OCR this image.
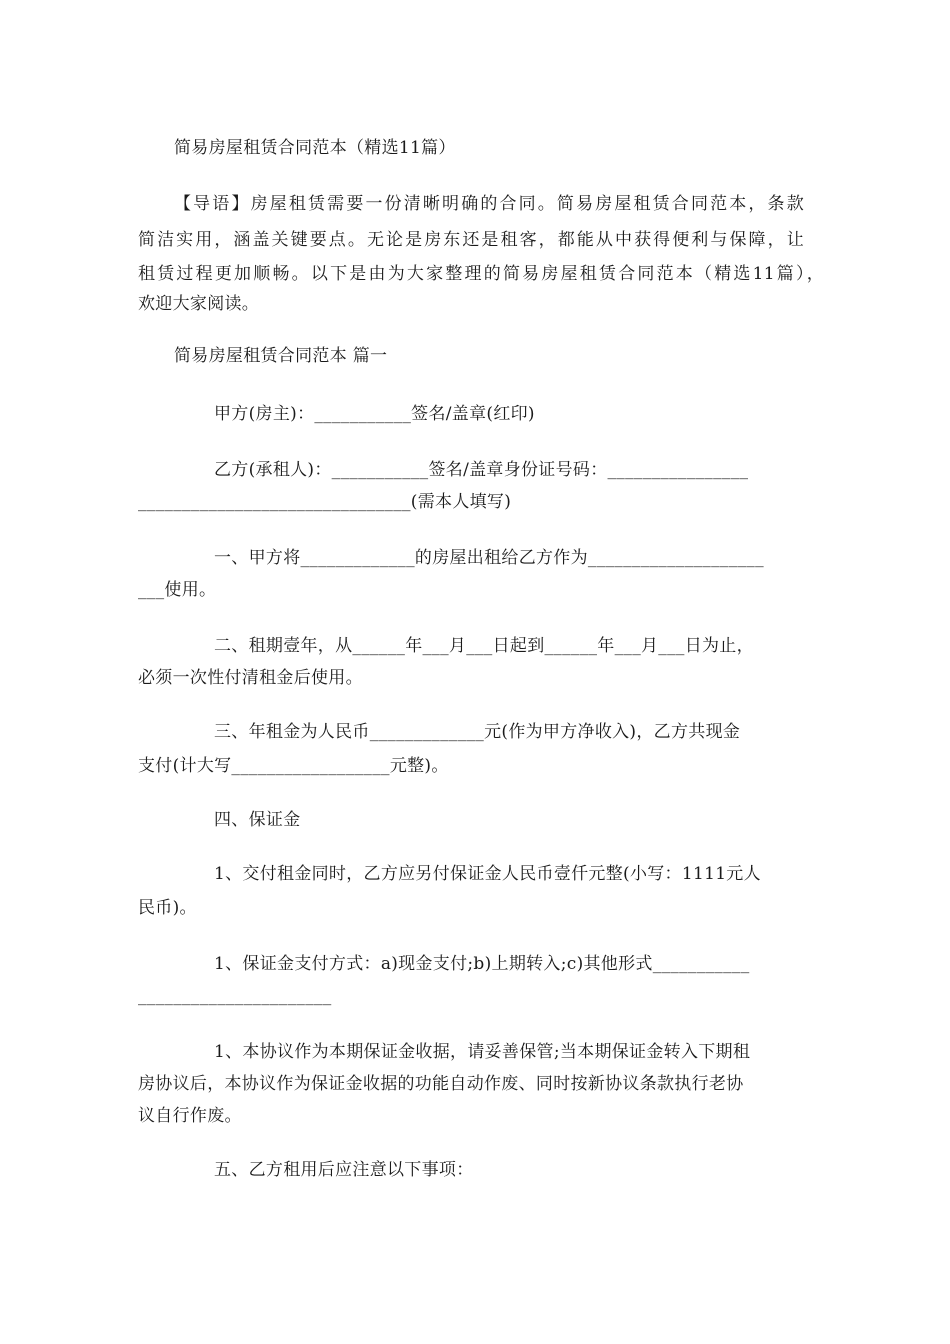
简易房屋租赁合同范本（精选11篇）
【导语】房屋租赁需要一份清晰明确的合同。简易房屋租赁合同范本，条款
简洁实用，涵盖关键要点。无论是房东还是租客，都能从中获得便利与保障，让
租赁过程更加顺畅。以下是由为大家整理的简易房屋租赁合同范本（精选11篇），
欢迎大家阅读。
简易房屋租赁合同范本 篇一
甲方(房主)：___________签名/盖章(红印)
乙方(承租人)：___________签名/盖章身份证号码：________________
_______________________________(需本人填写)
一、甲方将_____________的房屋出租给乙方作为____________________
___使用。
二、租期壹年，从______年___月___日起到______年___月___日为止，
必须一次性付清租金后使用。
三、年租金为人民币_____________元(作为甲方净收入)，乙方共现金
支付(计大写__________________元整)。
四、保证金
1、交付租金同时，乙方应另付保证金人民币壹仟元整(小写：1111元人
民币)。
1、保证金支付方式：a)现金支付;b)上期转入;c)其他形式___________
______________________
1、本协议作为本期保证金收据，请妥善保管;当本期保证金转入下期租
房协议后，本协议作为保证金收据的功能自动作废、同时按新协议条款执行老协
议自行作废。
五、乙方租用后应注意以下事项：
